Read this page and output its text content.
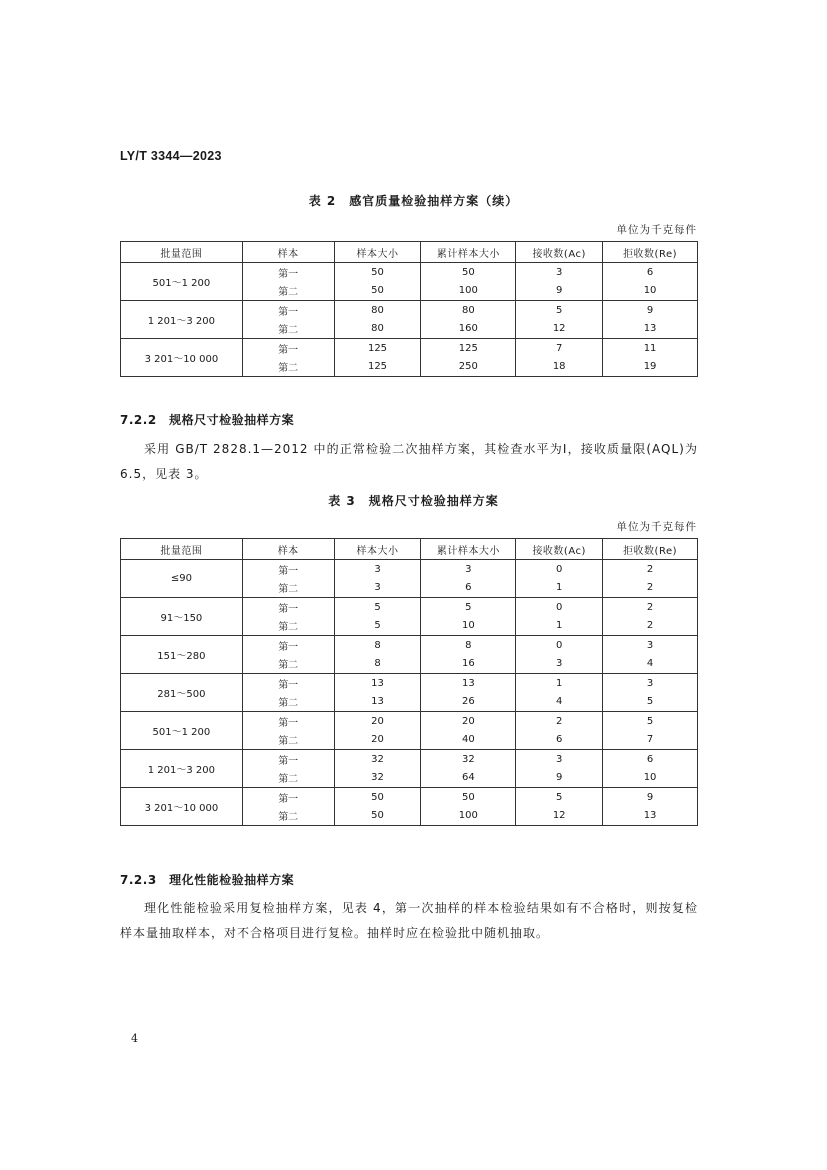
LY/T 3344—2023
表 2　感官质量检验抽样方案（续）
单位为千克每件
批量范围	样本	样本大小	累计样本大小	接收数(Ac)	拒收数(Re)
501～1 200	第一	50	50	3	6
	第二	50	100	9	10
1 201～3 200	第一	80	80	5	9
	第二	80	160	12	13
3 201～10 000	第一	125	125	7	11
	第二	125	250	18	19
7.2.2　规格尺寸检验抽样方案
采用 GB/T 2828.1—2012 中的正常检验二次抽样方案，其检查水平为Ⅰ，接收质量限(AQL)为6.5，见表 3。
表 3　规格尺寸检验抽样方案
单位为千克每件
批量范围	样本	样本大小	累计样本大小	接收数(Ac)	拒收数(Re)
≤90	第一	3	3	0	2
	第二	3	6	1	2
91～150	第一	5	5	0	2
	第二	5	10	1	2
151～280	第一	8	8	0	3
	第二	8	16	3	4
281～500	第一	13	13	1	3
	第二	13	26	4	5
501～1 200	第一	20	20	2	5
	第二	20	40	6	7
1 201～3 200	第一	32	32	3	6
	第二	32	64	9	10
3 201～10 000	第一	50	50	5	9
	第二	50	100	12	13
7.2.3　理化性能检验抽样方案
理化性能检验采用复检抽样方案，见表 4，第一次抽样的样本检验结果如有不合格时，则按复检样本量抽取样本，对不合格项目进行复检。抽样时应在检验批中随机抽取。
4
